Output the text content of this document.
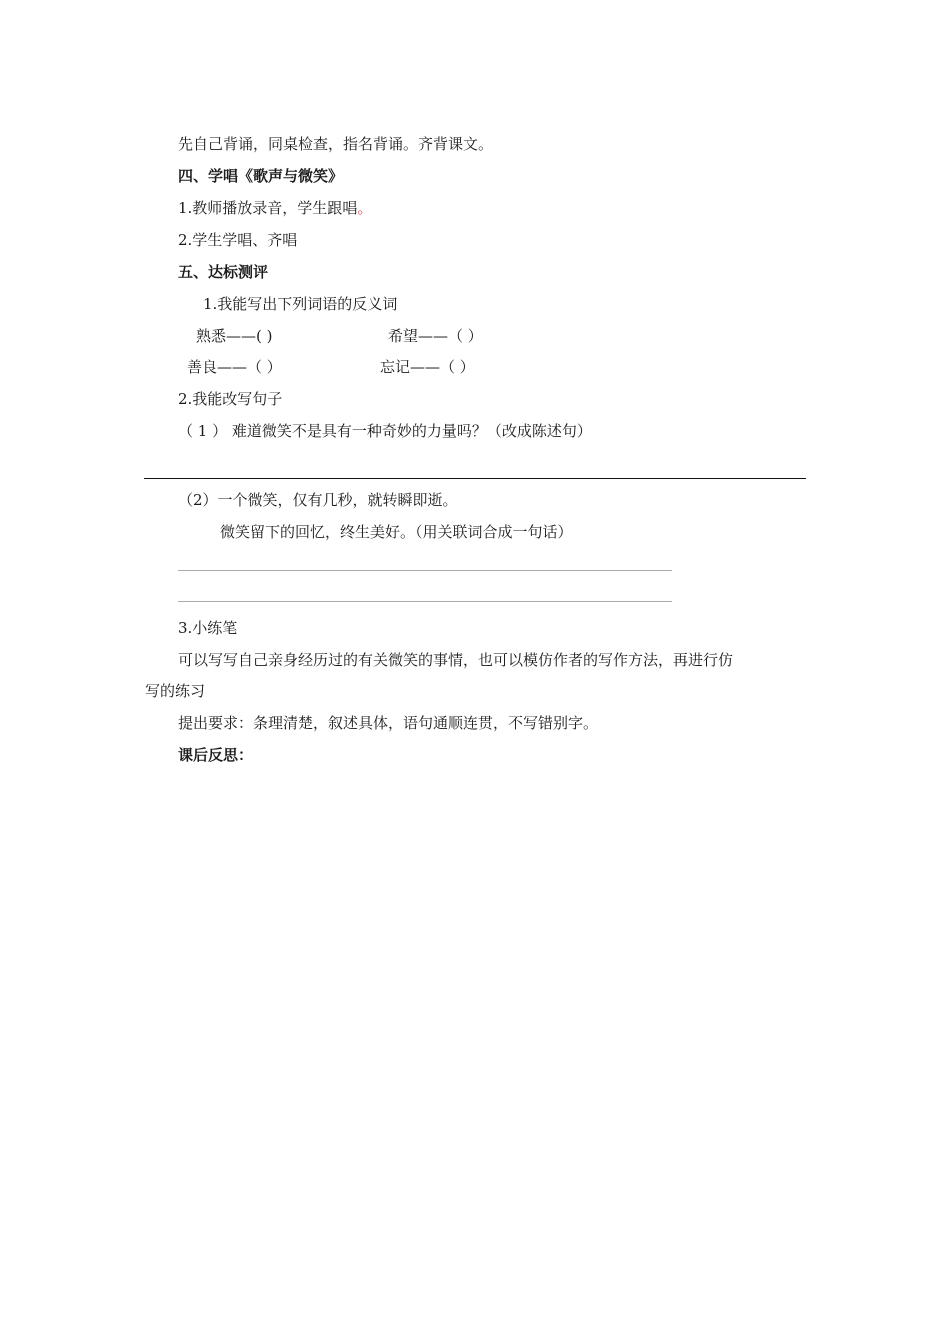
先自己背诵，同桌检查，指名背诵。齐背课文。
四、学唱《歌声与微笑》
1.教师播放录音，学生跟唱。
2.学生学唱、齐唱
五、达标测评
1.我能写出下列词语的反义词
熟悉——( )	希望——（ ）
善良——（ ）	忘记——（ ）
2.我能改写句子
（ 1 ） 难道微笑不是具有一种奇妙的力量吗？（改成陈述句）
（2）一个微笑，仅有几秒，就转瞬即逝。
微笑留下的回忆，终生美好。（用关联词合成一句话）
3.小练笔
可以写写自己亲身经历过的有关微笑的事情，也可以模仿作者的写作方法，再进行仿
写的练习
提出要求：条理清楚，叙述具体，语句通顺连贯，不写错别字。
课后反思：
